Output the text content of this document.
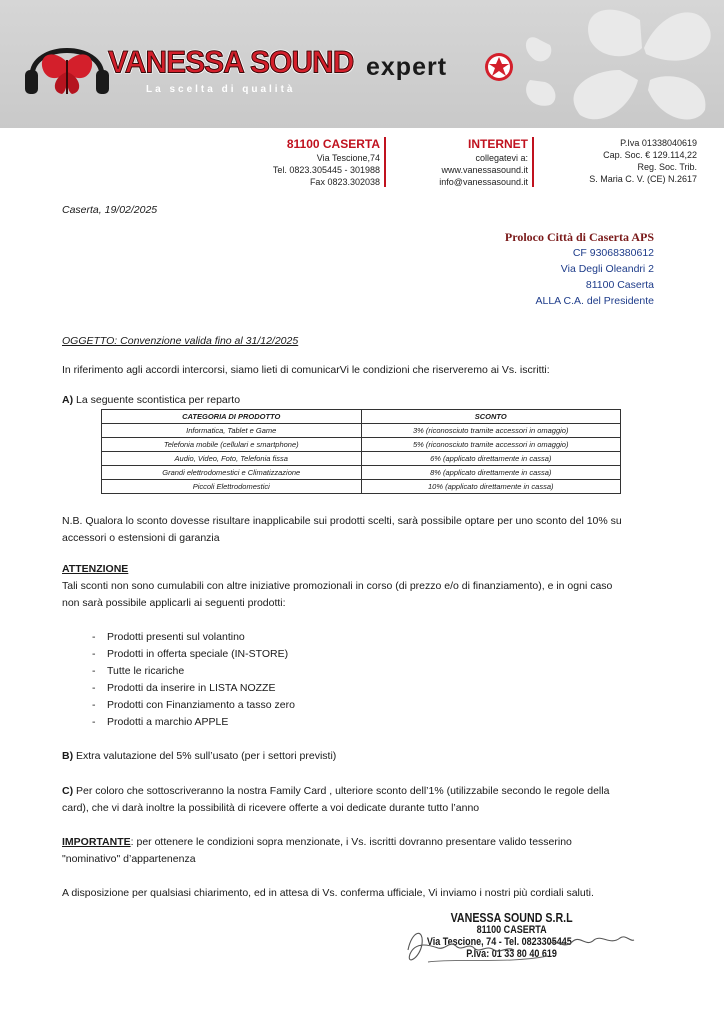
VANESSA SOUND expert
La scelta di qualità
81100 CASERTA
Via Tescione,74
Tel. 0823.305445 - 301988
Fax 0823.302038
INTERNET
collegatevi a:
www.vanessasound.it
info@vanessasound.it
P.Iva 01338040619
Cap. Soc. € 129.114,22
Reg. Soc. Trib.
S. Maria C. V. (CE) N.2617
Caserta, 19/02/2025
Proloco Città di Caserta APS
CF 93068380612
Via Degli Oleandri 2
81100 Caserta
ALLA C.A. del Presidente
OGGETTO: Convenzione valida fino al 31/12/2025
In riferimento agli accordi intercorsi, siamo lieti di comunicarVi le condizioni che riserveremo ai Vs. iscritti:
A) La seguente scontistica per reparto
CATEGORIA DI PRODOTTO	SCONTO
Informatica, Tablet e Game	3% (riconosciuto tramite accessori in omaggio)
Telefonia mobile (cellulari e smartphone)	5% (riconosciuto tramite accessori in omaggio)
Audio, Video, Foto, Telefonia fissa	6% (applicato direttamente in cassa)
Grandi elettrodomestici e Climatizzazione	8% (applicato direttamente in cassa)
Piccoli Elettrodomestici	10% (applicato direttamente in cassa)
N.B. Qualora lo sconto dovesse risultare inapplicabile sui prodotti scelti, sarà possibile optare per uno sconto del 10% su
accessori o estensioni di garanzia
ATTENZIONE
Tali sconti non sono cumulabili con altre iniziative promozionali in corso (di prezzo e/o di finanziamento), e in ogni caso
non sarà possibile applicarli ai seguenti prodotti:
- Prodotti presenti sul volantino
- Prodotti in offerta speciale (IN-STORE)
- Tutte le ricariche
- Prodotti da inserire in LISTA NOZZE
- Prodotti con Finanziamento a tasso zero
- Prodotti a marchio APPLE
B) Extra valutazione del 5% sull’usato (per i settori previsti)
C) Per coloro che sottoscriveranno la nostra Family Card , ulteriore sconto dell’1% (utilizzabile secondo le regole della
card), che vi darà inoltre la possibilità di ricevere offerte a voi dedicate durante tutto l’anno
IMPORTANTE: per ottenere le condizioni sopra menzionate, i Vs. iscritti dovranno presentare valido tesserino
"nominativo" d’appartenenza
A disposizione per qualsiasi chiarimento, ed in attesa di Vs. conferma ufficiale, Vi inviamo i nostri più cordiali saluti.
VANESSA SOUND S.R.L
81100 CASERTA
Via Tescione, 74 - Tel. 0823305445
P.Iva: 01 33 80 40 619
